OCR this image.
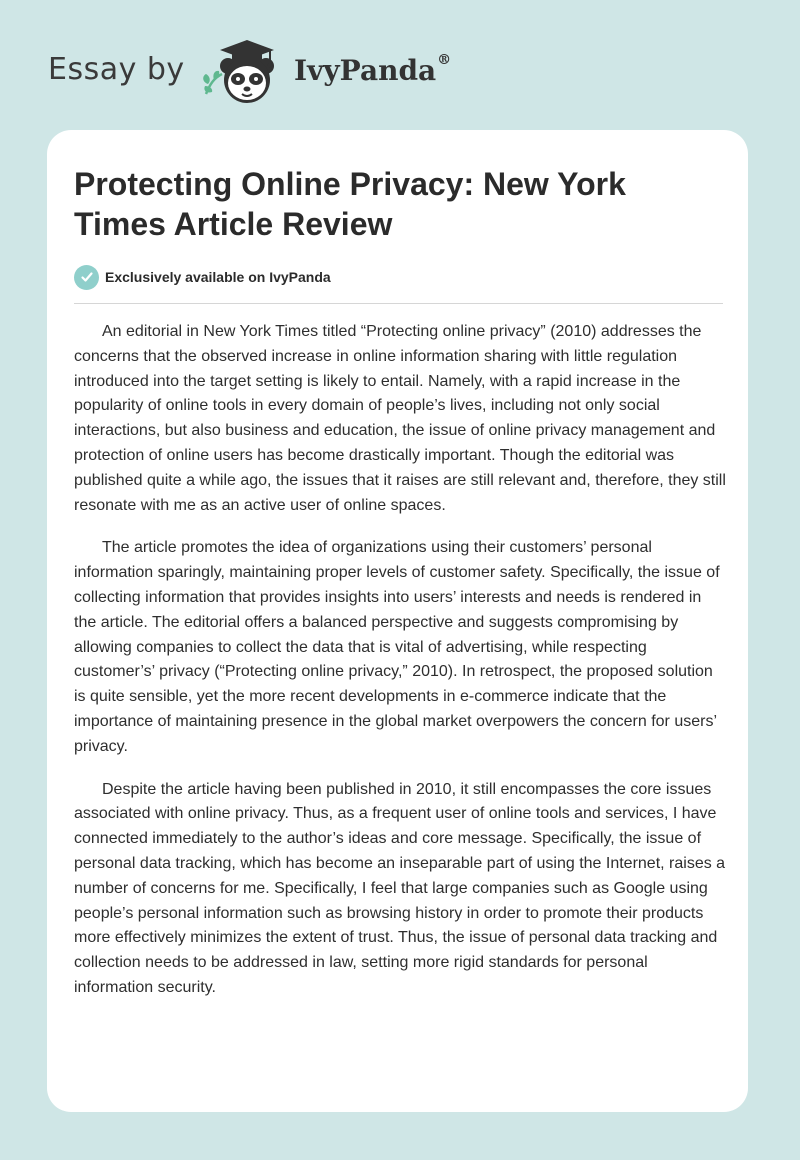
Essay by	IvyPanda®
Protecting Online Privacy: New York Times Article Review
Exclusively available on IvyPanda

An editorial in New York Times titled “Protecting online privacy” (2010) addresses the concerns that the observed increase in online information sharing with little regulation introduced into the target setting is likely to entail. Namely, with a rapid increase in the popularity of online tools in every domain of people’s lives, including not only social interactions, but also business and education, the issue of online privacy management and protection of online users has become drastically important. Though the editorial was published quite a while ago, the issues that it raises are still relevant and, therefore, they still resonate with me as an active user of online spaces.

The article promotes the idea of organizations using their customers’ personal information sparingly, maintaining proper levels of customer safety. Specifically, the issue of collecting information that provides insights into users’ interests and needs is rendered in the article. The editorial offers a balanced perspective and suggests compromising by allowing companies to collect the data that is vital of advertising, while respecting customer’s’ privacy (“Protecting online privacy,” 2010). In retrospect, the proposed solution is quite sensible, yet the more recent developments in e-commerce indicate that the importance of maintaining presence in the global market overpowers the concern for users’ privacy.

Despite the article having been published in 2010, it still encompasses the core issues associated with online privacy. Thus, as a frequent user of online tools and services, I have connected immediately to the author’s ideas and core message. Specifically, the issue of personal data tracking, which has become an inseparable part of using the Internet, raises a number of concerns for me. Specifically, I feel that large companies such as Google using people’s personal information such as browsing history in order to promote their products more effectively minimizes the extent of trust. Thus, the issue of personal data tracking and collection needs to be addressed in law, setting more rigid standards for personal information security.
